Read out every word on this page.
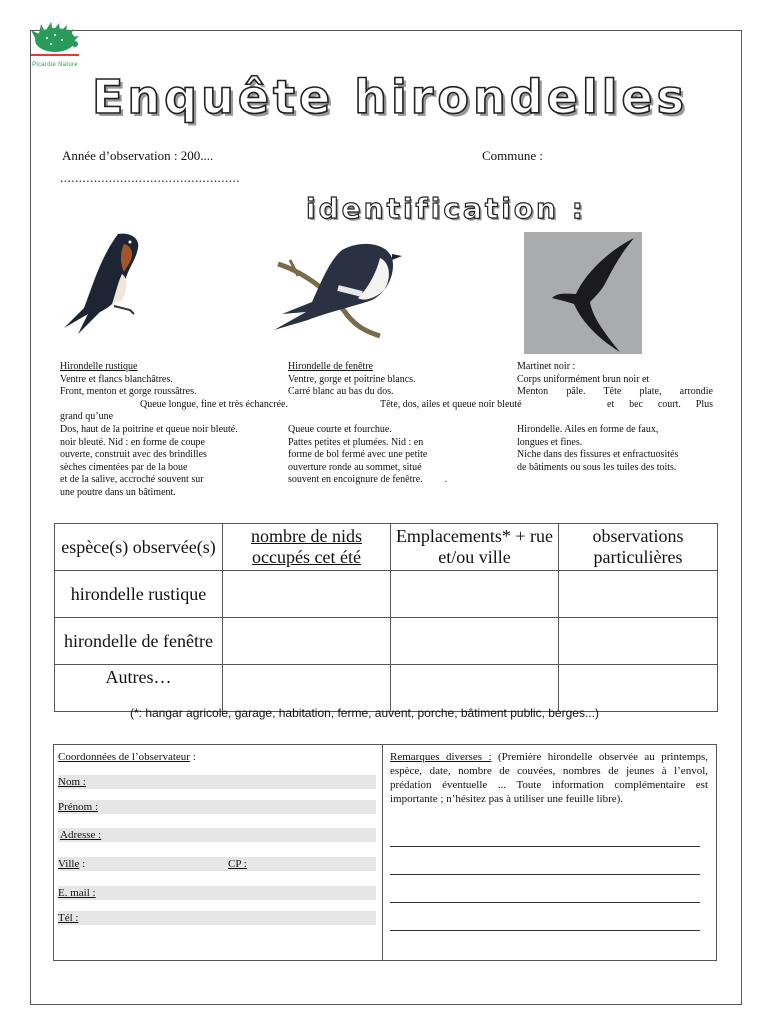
Picardie Nature
Enquête hirondelles
Année d’observation : 200....	Commune :
................................................
identification :
Hirondelle rustique
Ventre et flancs blanchâtres.
Front, menton et gorge roussâtres.
Queue longue, fine et très échancrée.
grand qu’une
Dos, haut de la poitrine et queue noir bleuté.
noir bleuté. Nid : en forme de coupe
ouverte, construit avec des brindilles
sèches cimentées par de la boue
et de la salive, accroché souvent sur
une poutre dans un bâtiment.
Hirondelle de fenêtre
Ventre, gorge et poitrine blancs.
Carré blanc au bas du dos.
Tête, dos, ailes et queue noir bleuté
Queue courte et fourchue.
Pattes petites et plumées. Nid : en
forme de bol fermé avec une petite
ouverture ronde au sommet, situé
souvent en encoignure de fenêtre. .
Martinet noir :
Corps uniformément brun noir et
Menton pâle. Tête plate, arrondie
et bec court. Plus
Hirondelle. Ailes en forme de faux,
longues et fines.
Niche dans des fissures et enfractuosités
de bâtiments ou sous les tuiles des toits.
espèce(s) observée(s)	nombre de nids occupés cet été	Emplacements* + rue et/ou ville	observations particulières
hirondelle rustique			
hirondelle de fenêtre			
Autres…			
(*: hangar agricole, garage, habitation, ferme, auvent, porche, bâtiment public, berges...)
Coordonnées de l’observateur :
Nom :
Prénom :
Adresse :
Ville :	CP :
E. mail :
Tél :
Remarques diverses : (Première hirondelle observée au printemps, espèce, date, nombre de couvées, nombres de jeunes à l’envol, prédation éventuelle ... Toute information complémentaire est importante ; n’hésitez pas à utiliser une feuille libre).
